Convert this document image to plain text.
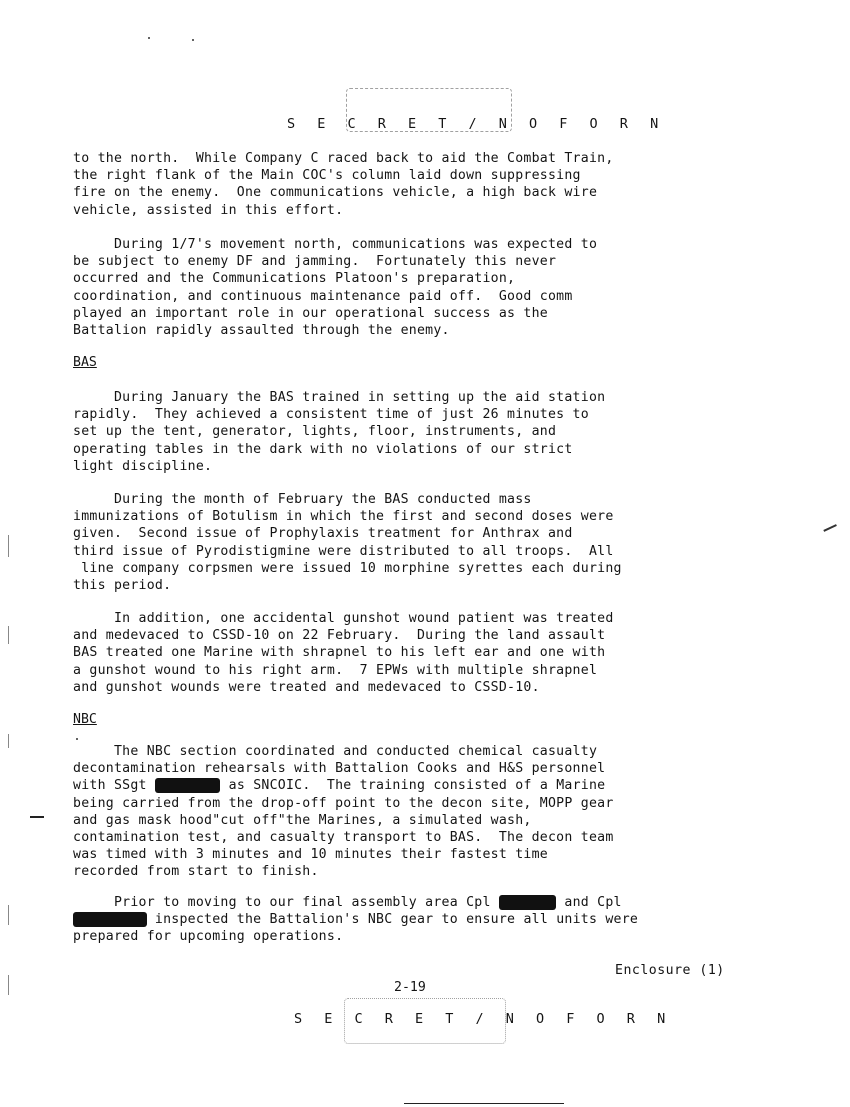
S E C R E T / N O F O R N
to the north.  While Company C raced back to aid the Combat Train,
the right flank of the Main COC's column laid down suppressing
fire on the enemy.  One communications vehicle, a high back wire
vehicle, assisted in this effort.
During 1/7's movement north, communications was expected to
be subject to enemy DF and jamming.  Fortunately this never
occurred and the Communications Platoon's preparation,
coordination, and continuous maintenance paid off.  Good comm
played an important role in our operational success as the
Battalion rapidly assaulted through the enemy.
BAS
During January the BAS trained in setting up the aid station
rapidly.  They achieved a consistent time of just 26 minutes to
set up the tent, generator, lights, floor, instruments, and
operating tables in the dark with no violations of our strict
light discipline.
During the month of February the BAS conducted mass
immunizations of Botulism in which the first and second doses were
given.  Second issue of Prophylaxis treatment for Anthrax and
third issue of Pyrodistigmine were distributed to all troops.  All
line company corpsmen were issued 10 morphine syrettes each during
this period.
In addition, one accidental gunshot wound patient was treated
and medevaced to CSSD-10 on 22 February.  During the land assault
BAS treated one Marine with shrapnel to his left ear and one with
a gunshot wound to his right arm.  7 EPWs with multiple shrapnel
and gunshot wounds were treated and medevaced to CSSD-10.
NBC
The NBC section coordinated and conducted chemical casualty
decontamination rehearsals with Battalion Cooks and H&S personnel
with SSgt	as SNCOIC.  The training consisted of a Marine
being carried from the drop-off point to the decon site, MOPP gear
and gas mask hood"cut off"the Marines, a simulated wash,
contamination test, and casualty transport to BAS.  The decon team
was timed with 3 minutes and 10 minutes their fastest time
recorded from start to finish.
Prior to moving to our final assembly area Cpl	and Cpl
inspected the Battalion's NBC gear to ensure all units were
prepared for upcoming operations.
Enclosure (1)
2-19
S E C R E T / N O F O R N
